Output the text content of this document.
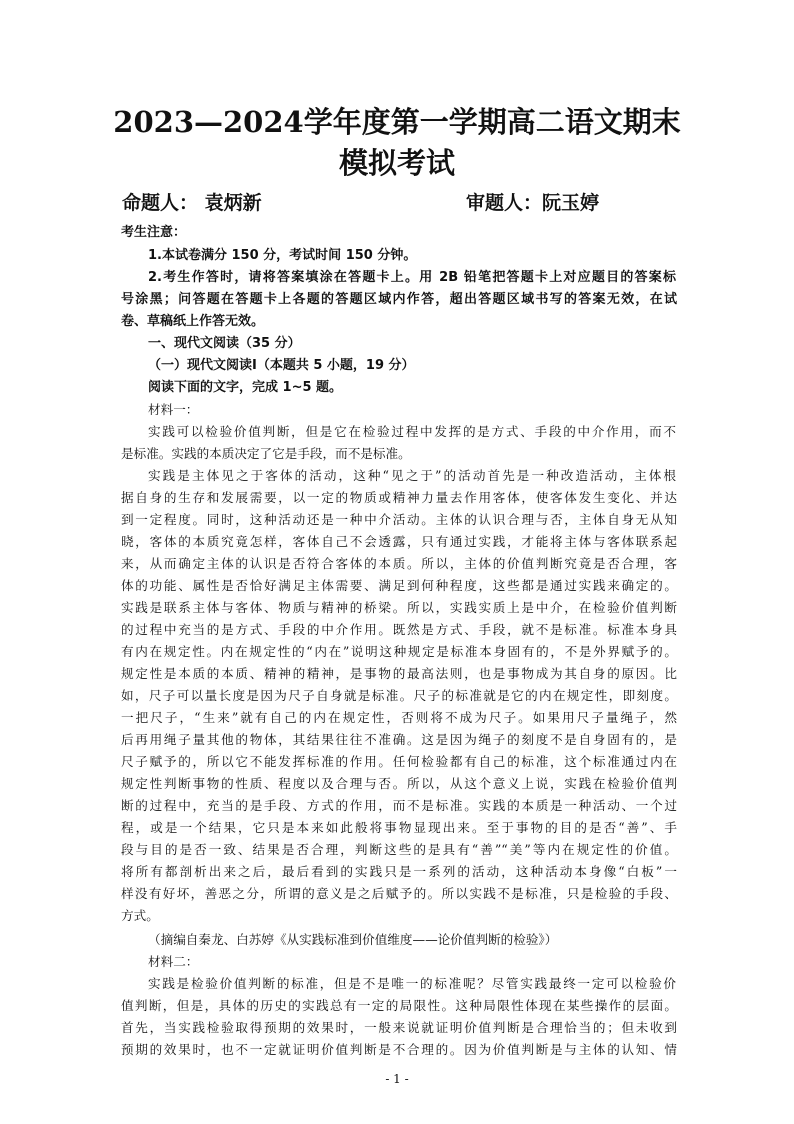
2023—2024学年度第一学期高二语文期末
模拟考试
命题人： 袁炳新	审题人：阮玉婷
考生注意：
1.本试卷满分 150 分，考试时间 150 分钟。
2.考生作答时，请将答案填涂在答题卡上。用 2B 铅笔把答题卡上对应题目的答案标
号涂黑；问答题在答题卡上各题的答题区域内作答，超出答题区域书写的答案无效，在试
卷、草稿纸上作答无效。
一、现代文阅读（35 分）
（一）现代文阅读Ⅰ（本题共 5 小题，19 分）
阅读下面的文字，完成 1~5 题。
材料一：
实践可以检验价值判断，但是它在检验过程中发挥的是方式、手段的中介作用，而不
是标准。实践的本质决定了它是手段，而不是标准。
实践是主体见之于客体的活动，这种“见之于”的活动首先是一种改造活动，主体根
据自身的生存和发展需要，以一定的物质或精神力量去作用客体，使客体发生变化、并达
到一定程度。同时，这种活动还是一种中介活动。主体的认识合理与否，主体自身无从知
晓，客体的本质究竟怎样，客体自己不会透露，只有通过实践，才能将主体与客体联系起
来，从而确定主体的认识是否符合客体的本质。所以，主体的价值判断究竟是否合理，客
体的功能、属性是否恰好满足主体需要、满足到何种程度，这些都是通过实践来确定的。
实践是联系主体与客体、物质与精神的桥梁。所以，实践实质上是中介，在检验价值判断
的过程中充当的是方式、手段的中介作用。既然是方式、手段，就不是标准。标准本身具
有内在规定性。内在规定性的“内在”说明这种规定是标准本身固有的，不是外界赋予的。
规定性是本质的本质、精神的精神，是事物的最高法则，也是事物成为其自身的原因。比
如，尺子可以量长度是因为尺子自身就是标准。尺子的标准就是它的内在规定性，即刻度。
一把尺子，“生来”就有自己的内在规定性，否则将不成为尺子。如果用尺子量绳子，然
后再用绳子量其他的物体，其结果往往不准确。这是因为绳子的刻度不是自身固有的，是
尺子赋予的，所以它不能发挥标准的作用。任何检验都有自己的标准，这个标准通过内在
规定性判断事物的性质、程度以及合理与否。所以，从这个意义上说，实践在检验价值判
断的过程中，充当的是手段、方式的作用，而不是标准。实践的本质是一种活动、一个过
程，或是一个结果，它只是本来如此般将事物显现出来。至于事物的目的是否“善”、手
段与目的是否一致、结果是否合理，判断这些的是具有“善”“美”等内在规定性的价值。
将所有都剖析出来之后，最后看到的实践只是一系列的活动，这种活动本身像“白板”一
样没有好坏，善恶之分，所谓的意义是之后赋予的。所以实践不是标准，只是检验的手段、
方式。
（摘编自秦龙、白苏婷《从实践标准到价值维度——论价值判断的检验》）
材料二：
实践是检验价值判断的标准，但是不是唯一的标准呢？尽管实践最终一定可以检验价
值判断，但是，具体的历史的实践总有一定的局限性。这种局限性体现在某些操作的层面。
首先，当实践检验取得预期的效果时，一般来说就证明价值判断是合理恰当的；但未收到
预期的效果时，也不一定就证明价值判断是不合理的。因为价值判断是与主体的认知、情
- 1 -
